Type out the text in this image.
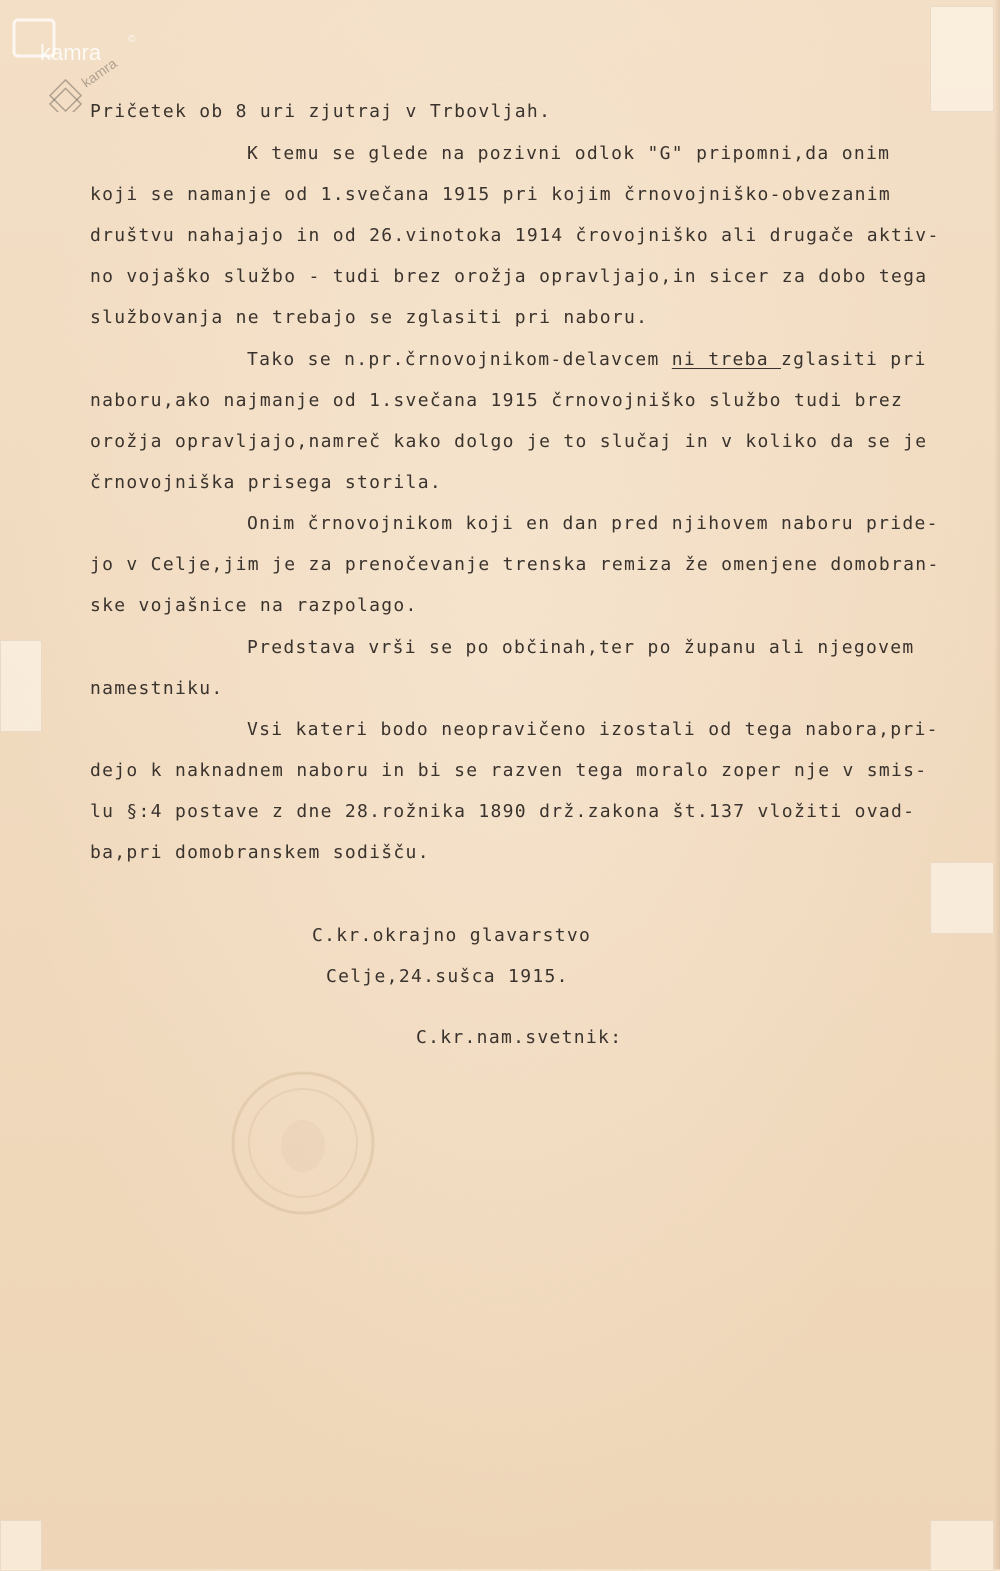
kamra
©
kamra
Pričetek ob 8 uri zjutraj v Trbovljah.
K temu se glede na pozivni odlok "G" pripomni,da onim
koji se namanje od 1.svečana 1915 pri kojim črnovojniško-obvezanim
društvu nahajajo in od 26.vinotoka 1914 črovojniško ali drugače aktiv-
no vojaško službo - tudi brez orožja opravljajo,in sicer za dobo tega
službovanja ne trebajo se zglasiti pri naboru.
Tako se n.pr.črnovojnikom-delavcem ni treba zglasiti pri
naboru,ako najmanje od 1.svečana 1915 črnovojniško službo tudi brez
orožja opravljajo,namreč kako dolgo je to slučaj in v koliko da se je
črnovojniška prisega storila.
Onim črnovojnikom koji en dan pred njihovem naboru pride-
jo v Celje,jim je za prenočevanje trenska remiza že omenjene domobran-
ske vojašnice na razpolago.
Predstava vrši se po občinah,ter po županu ali njegovem
namestniku.
Vsi kateri bodo neopravičeno izostali od tega nabora,pri-
dejo k naknadnem naboru in bi se razven tega moralo zoper nje v smis-
lu §:4 postave z dne 28.rožnika 1890 drž.zakona št.137 vložiti ovad-
ba,pri domobranskem sodišču.
C.kr.okrajno glavarstvo
Celje,24.sušca 1915.
C.kr.nam.svetnik:
